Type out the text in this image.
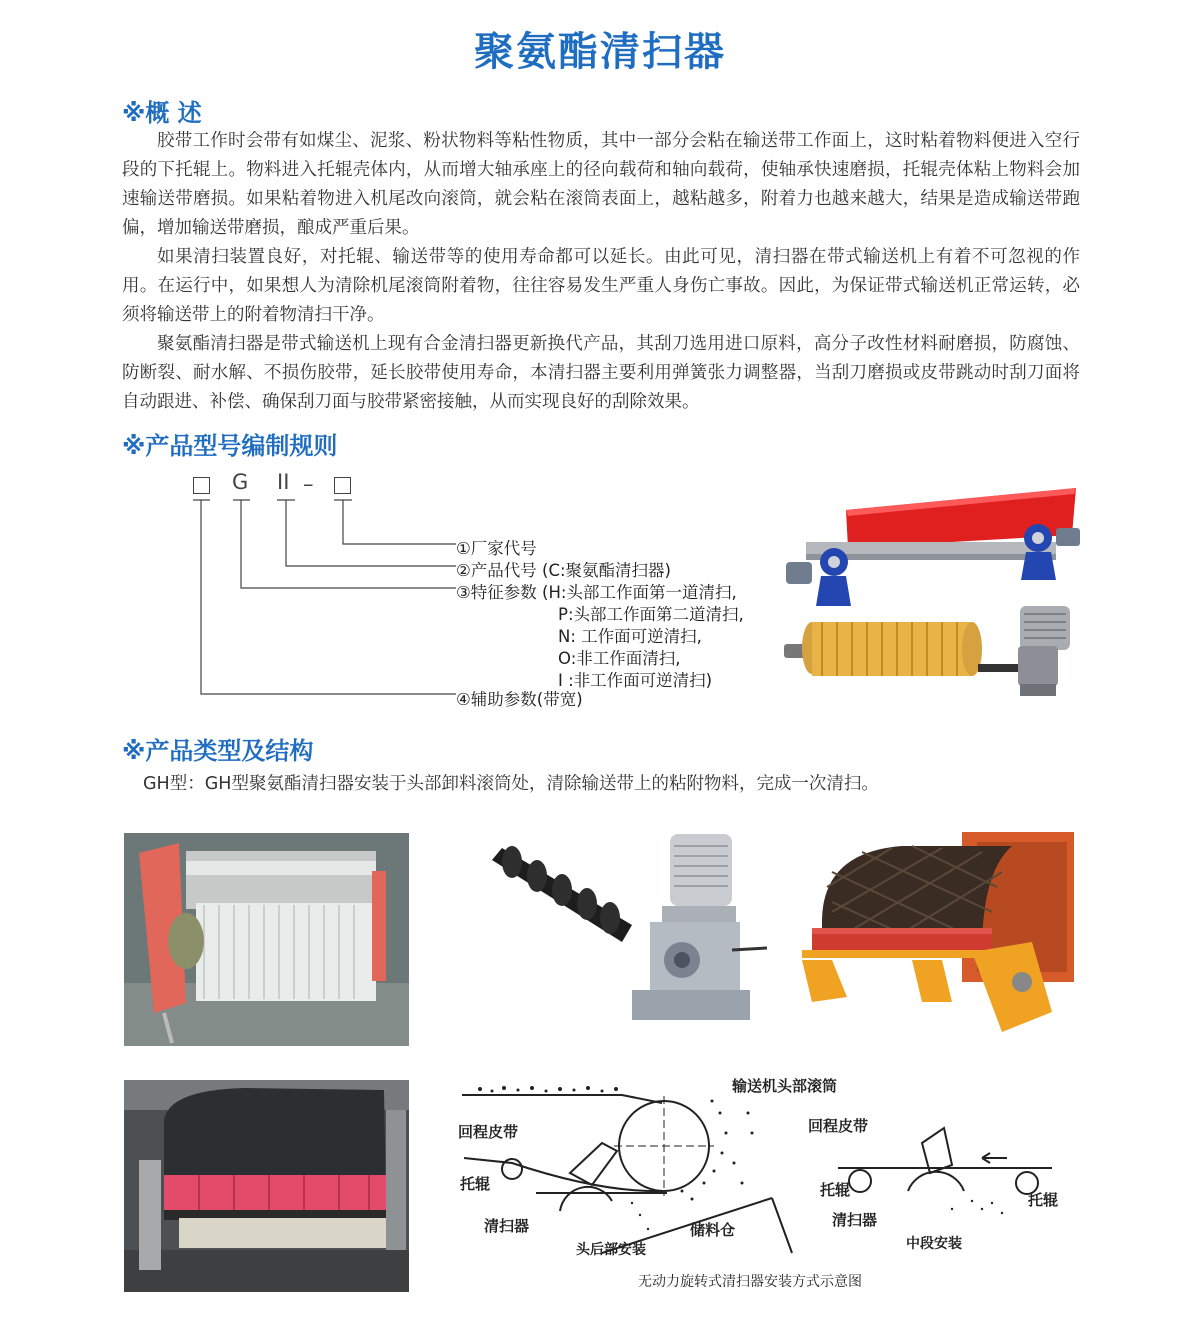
聚氨酯清扫器
※概 述

胶带工作时会带有如煤尘、泥浆、粉状物料等粘性物质，其中一部分会粘在输送带工作面上，这时粘着物料便进入空行段的下托辊上。物料进入托辊壳体内，从而增大轴承座上的径向载荷和轴向载荷，使轴承快速磨损，托辊壳体粘上物料会加速输送带磨损。如果粘着物进入机尾改向滚筒，就会粘在滚筒表面上，越粘越多，附着力也越来越大，结果是造成输送带跑偏，增加输送带磨损，酿成严重后果。

如果清扫装置良好，对托辊、输送带等的使用寿命都可以延长。由此可见，清扫器在带式输送机上有着不可忽视的作用。在运行中，如果想人为清除机尾滚筒附着物，往往容易发生严重人身伤亡事故。因此，为保证带式输送机正常运转，必须将输送带上的附着物清扫干净。

聚氨酯清扫器是带式输送机上现有合金清扫器更新换代产品，其刮刀选用进口原料，高分子改性材料耐磨损，防腐蚀、防断裂、耐水解、不损伤胶带，延长胶带使用寿命，本清扫器主要利用弹簧张力调整器，当刮刀磨损或皮带跳动时刮刀面将自动跟进、补偿、确保刮刀面与胶带紧密接触，从而实现良好的刮除效果。

※产品型号编制规则
G II –
①厂家代号
②产品代号 (C:聚氨酯清扫器)
③特征参数 (H:头部工作面第一道清扫,
P:头部工作面第二道清扫,
N: 工作面可逆清扫,
O:非工作面清扫,
I :非工作面可逆清扫)
④辅助参数(带宽)
※产品类型及结构
GH型：GH型聚氨酯清扫器安装于头部卸料滚筒处，清除输送带上的粘附物料，完成一次清扫。
输送机头部滚筒
回程皮带
托辊
清扫器	储料仓
头后部安装
回程皮带
托辊
托辊
清扫器
中段安装
无动力旋转式清扫器安装方式示意图
